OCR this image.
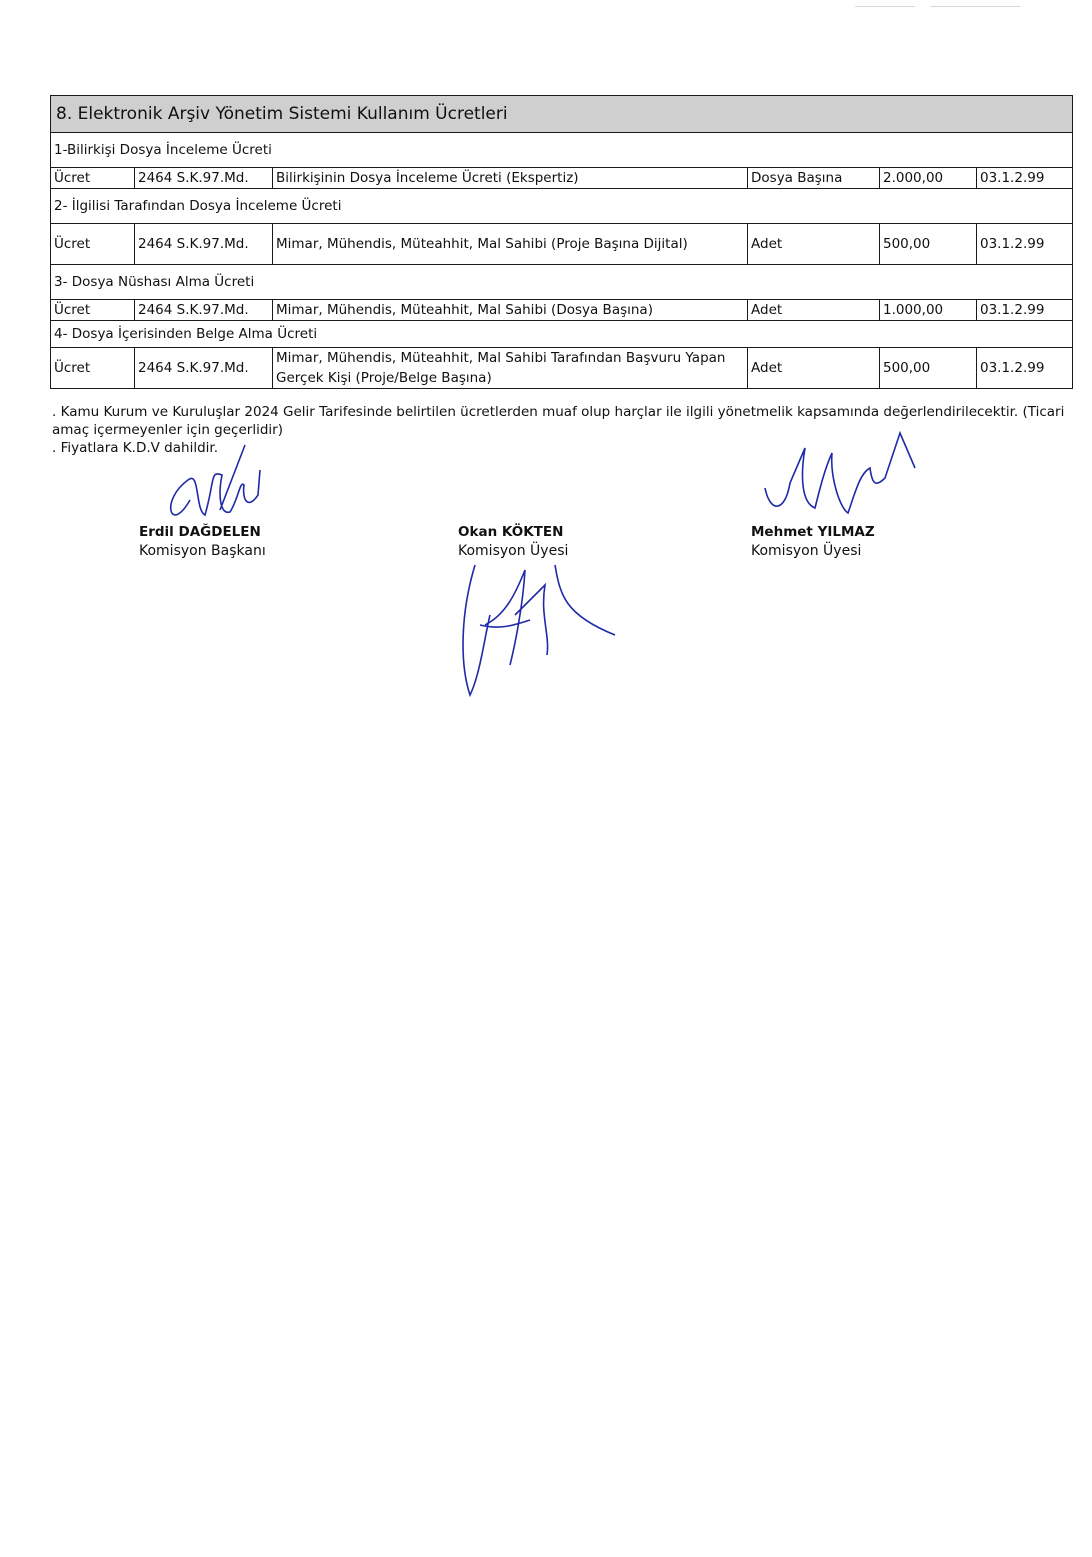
8. Elektronik Arşiv Yönetim Sistemi Kullanım Ücretleri					
1-Bilirkişi Dosya İnceleme Ücreti					
Ücret	2464 S.K.97.Md.	Bilirkişinin Dosya İnceleme Ücreti (Ekspertiz)	Dosya Başına	2.000,00	03.1.2.99
2- İlgilisi Tarafından Dosya İnceleme Ücreti					
Ücret	2464 S.K.97.Md.	Mimar, Mühendis, Müteahhit, Mal Sahibi (Proje Başına Dijital)	Adet	500,00	03.1.2.99
3- Dosya Nüshası Alma Ücreti					
Ücret	2464 S.K.97.Md.	Mimar, Mühendis, Müteahhit, Mal Sahibi (Dosya Başına)	Adet	1.000,00	03.1.2.99
4- Dosya İçerisinden Belge Alma Ücreti					
Ücret	2464 S.K.97.Md.	Mimar, Mühendis, Müteahhit, Mal Sahibi Tarafından Başvuru Yapan Gerçek Kişi (Proje/Belge Başına)	Adet	500,00	03.1.2.99

. Kamu Kurum ve Kuruluşlar 2024 Gelir Tarifesinde belirtilen ücretlerden muaf olup harçlar ile ilgili yönetmelik kapsamında değerlendirilecektir. (Ticari amaç içermeyenler için geçerlidir)

. Fiyatlara K.D.V dahildir.

Erdil DAĞDELEN
Komisyon Başkanı
Okan KÖKTEN
Komisyon Üyesi
Mehmet YILMAZ
Komisyon Üyesi
